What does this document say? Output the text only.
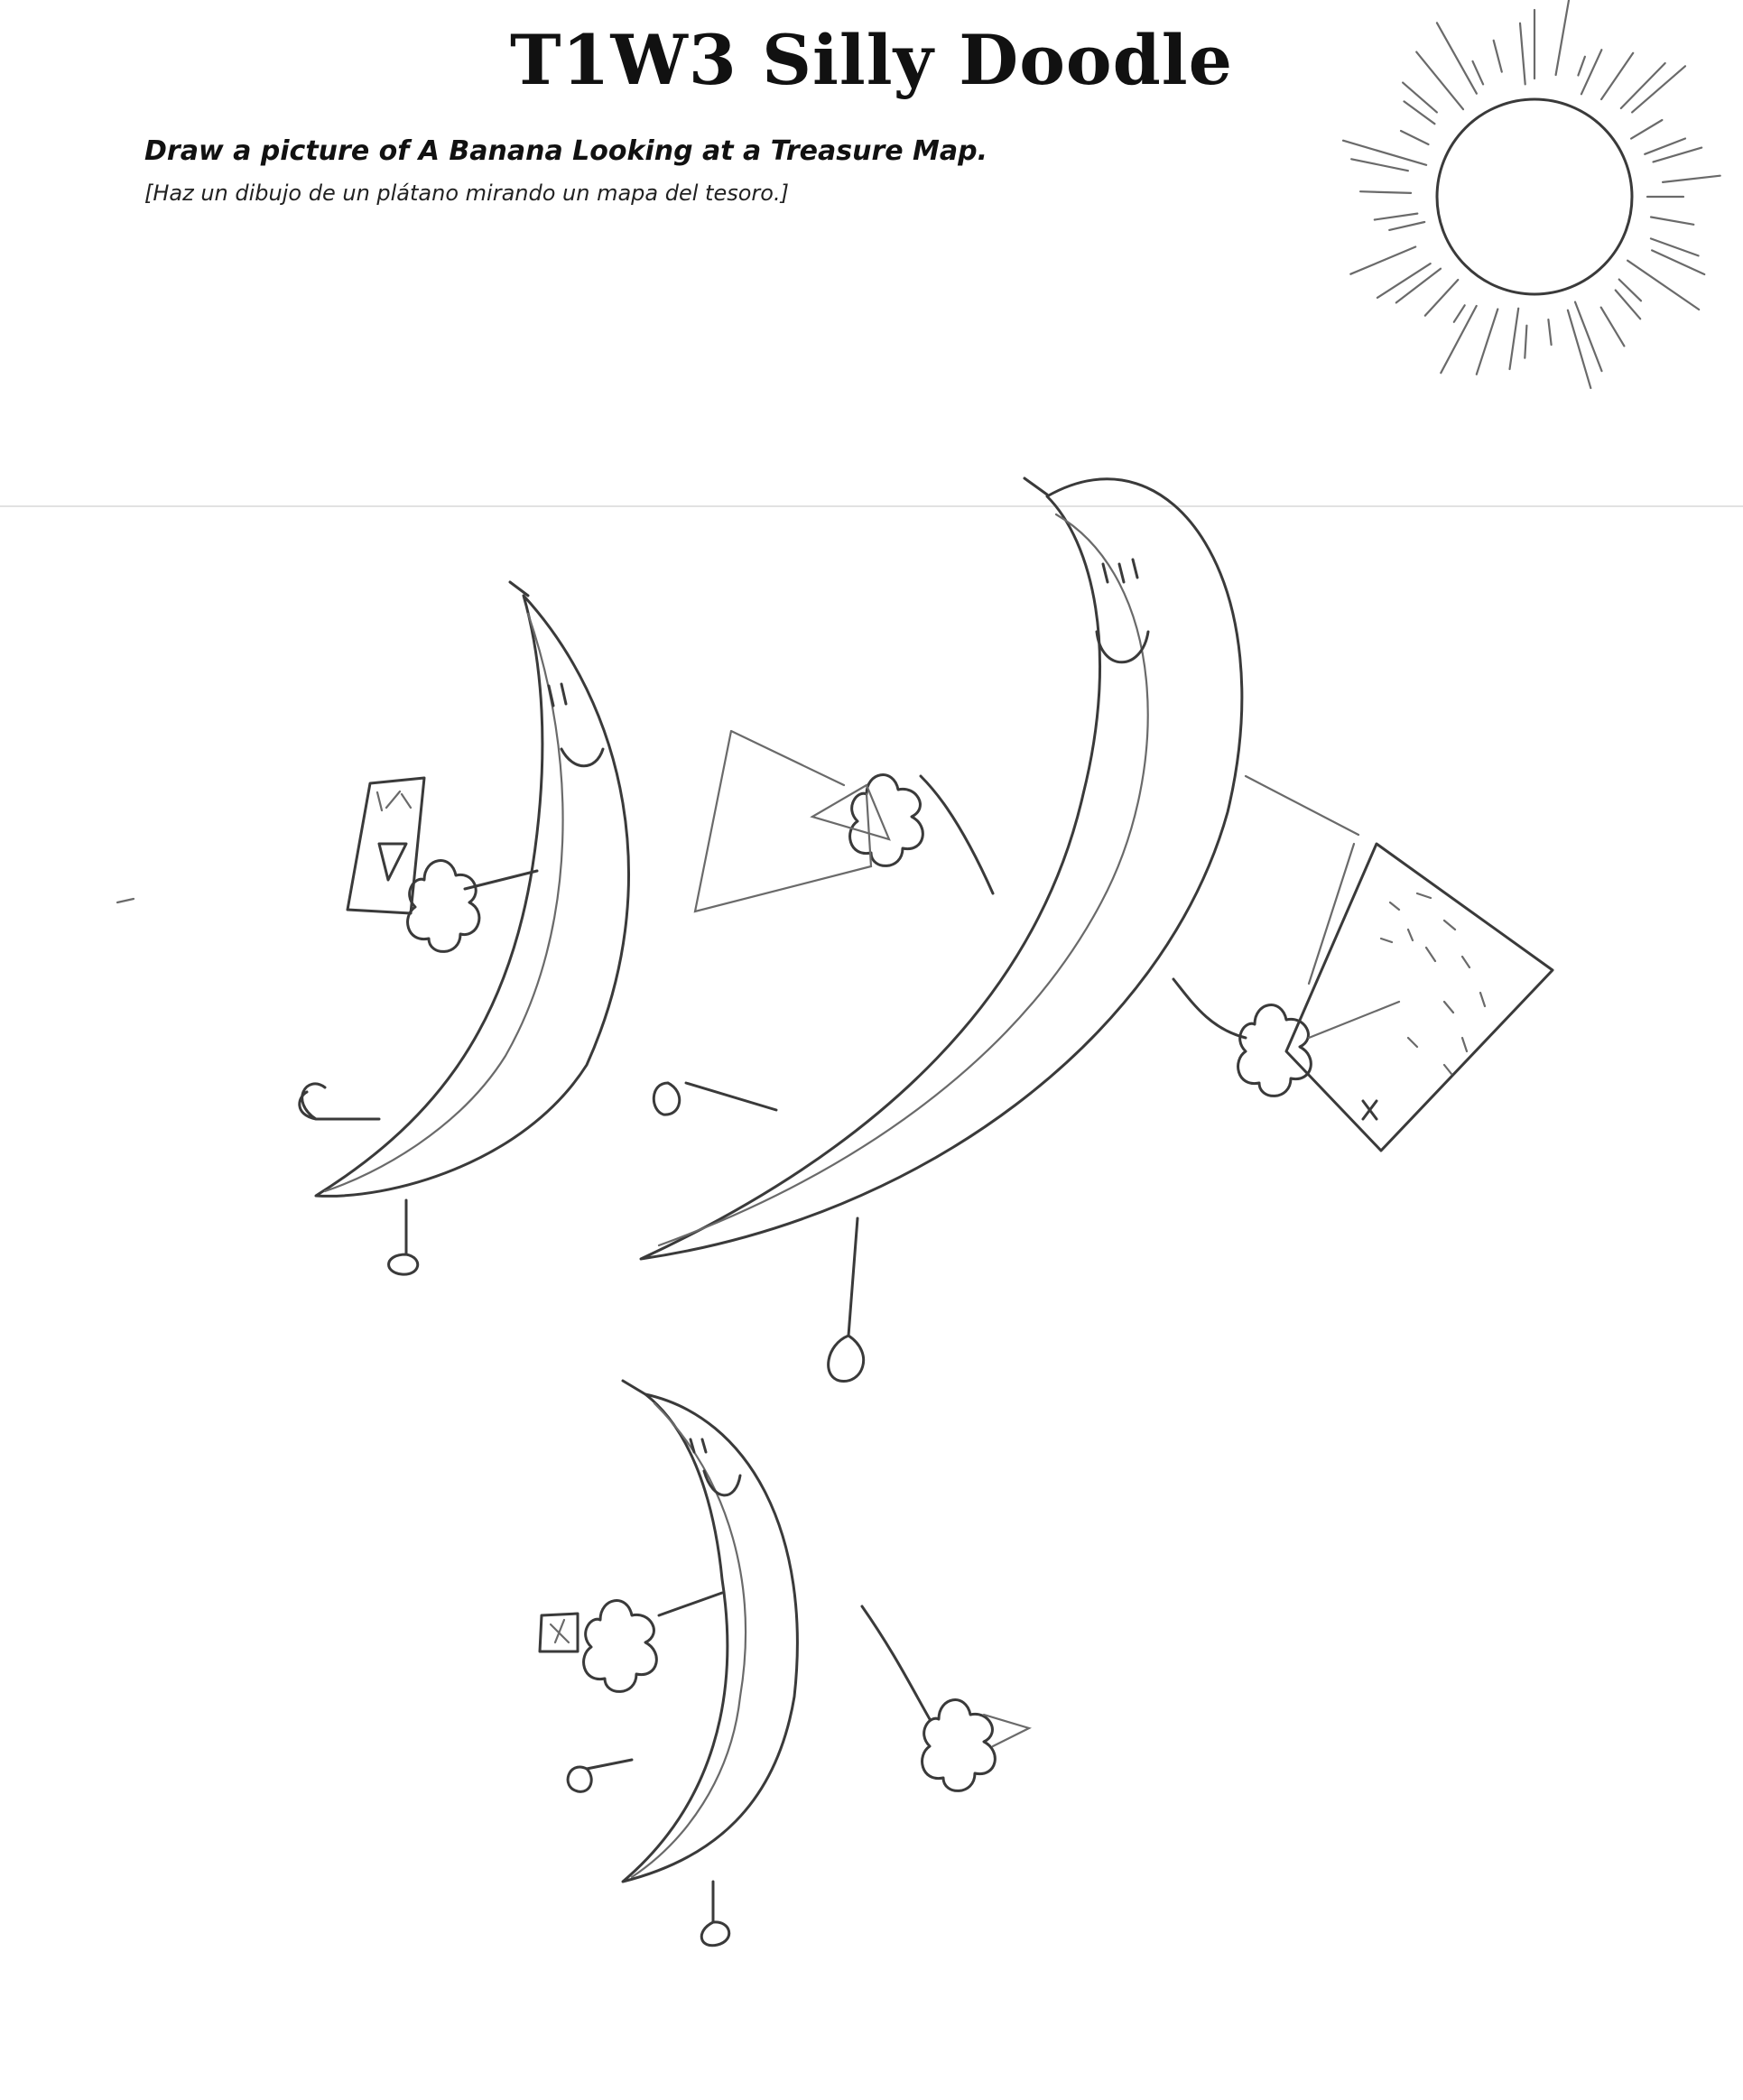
T1W3 Silly Doodle
Draw a picture of A Banana Looking at a Treasure Map.
[Haz un dibujo de un plátano mirando un mapa del tesoro.]
